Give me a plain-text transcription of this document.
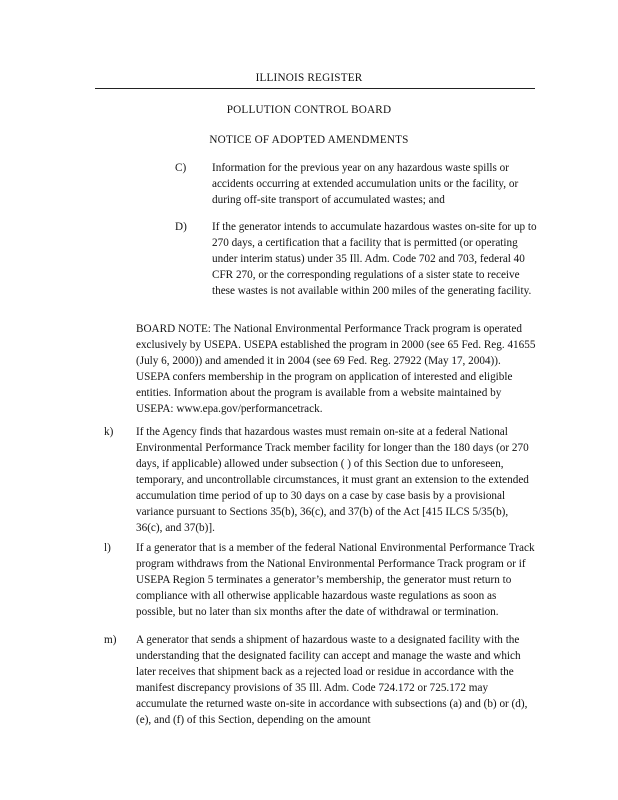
ILLINOIS REGISTER
POLLUTION CONTROL BOARD
NOTICE OF ADOPTED AMENDMENTS
C) Information for the previous year on any hazardous waste spills or accidents occurring at extended accumulation units or the facility, or during off-site transport of accumulated wastes; and
D) If the generator intends to accumulate hazardous wastes on-site for up to 270 days, a certification that a facility that is permitted (or operating under interim status) under 35 Ill. Adm. Code 702 and 703, federal 40 CFR 270, or the corresponding regulations of a sister state to receive these wastes is not available within 200 miles of the generating facility.
BOARD NOTE: The National Environmental Performance Track program is operated exclusively by USEPA. USEPA established the program in 2000 (see 65 Fed. Reg. 41655 (July 6, 2000)) and amended it in 2004 (see 69 Fed. Reg. 27922 (May 17, 2004)). USEPA confers membership in the program on application of interested and eligible entities. Information about the program is available from a website maintained by USEPA: www.epa.gov/performancetrack.
k) If the Agency finds that hazardous wastes must remain on-site at a federal National Environmental Performance Track member facility for longer than the 180 days (or 270 days, if applicable) allowed under subsection ( ) of this Section due to unforeseen, temporary, and uncontrollable circumstances, it must grant an extension to the extended accumulation time period of up to 30 days on a case by case basis by a provisional variance pursuant to Sections 35(b), 36(c), and 37(b) of the Act [415 ILCS 5/35(b), 36(c), and 37(b)].
l) If a generator that is a member of the federal National Environmental Performance Track program withdraws from the National Environmental Performance Track program or if USEPA Region 5 terminates a generator’s membership, the generator must return to compliance with all otherwise applicable hazardous waste regulations as soon as possible, but no later than six months after the date of withdrawal or termination.
m) A generator that sends a shipment of hazardous waste to a designated facility with the understanding that the designated facility can accept and manage the waste and which later receives that shipment back as a rejected load or residue in accordance with the manifest discrepancy provisions of 35 Ill. Adm. Code 724.172 or 725.172 may accumulate the returned waste on-site in accordance with subsections (a) and (b) or (d), (e), and (f) of this Section, depending on the amount
